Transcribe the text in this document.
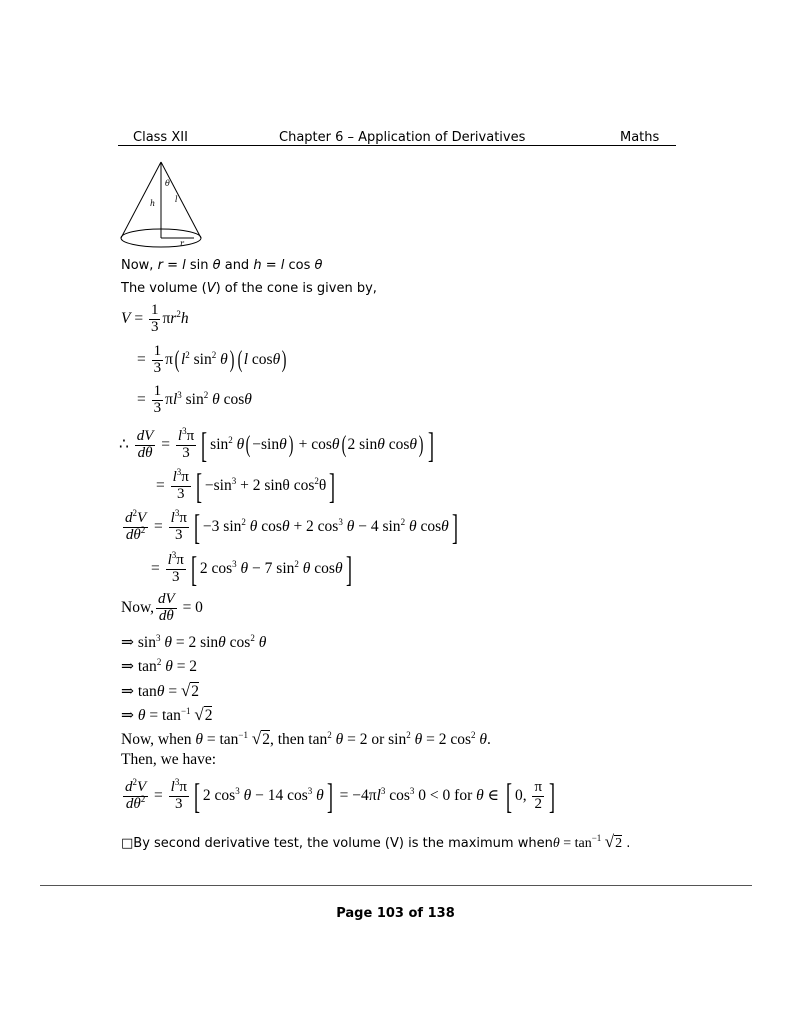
Class XII	Chapter 6 – Application of Derivatives	Maths
θ
h l
r
Now, r = l sin θ and h = l cos θ
The volume (V) of the cone is given by,
$V = \frac{1}{3} \pi r^2h$
= $\frac{1}{3} \pi$( $l^2$ $\sin^2 \theta$) ( l cosθ)
= $\frac{1}{3} \pi l^3$ $\sin^2 \theta$ cosθ
∴ $\frac{dV}{d\theta} = \frac{l^3\pi}{3}$ [ $\sin^2 \theta( -\sin\theta) + \cos\theta$( 2 sinθ cosθ) ]
= $\frac{l^3\pi}{3}$ [ $-\sin^3 + 2$ sinθ $\cos^2\theta$]
$\frac{d^2V}{d\theta^2} = \frac{l^3\pi}{3}$ [ −3 $\sin^2 \theta$ cosθ + 2 $\cos^3 \theta - 4$ $\sin^2 \theta$ cosθ]
= $\frac{l^3\pi}{3}$ [ 2 $\cos^3 \theta - 7$ $\sin^2 \theta$ cosθ]
Now, $\frac{dV}{d\theta} = 0$
⇒ $\sin^3 \theta = 2$ sinθ $\cos^2 \theta$
⇒ $\tan^2 \theta = 2$
⇒ tanθ = √2
⇒ $\theta = \tan^{-1} √2$
Now, when $\theta = \tan^{-1} √2$, then $\tan^2 \theta = 2$ or $\sin^2 \theta = 2$ $\cos^2 \theta$.
Then, we have:
$\frac{d^2V}{d\theta^2} = \frac{l^3\pi}{3}$ [ 2 $\cos^3 \theta - 14$ $\cos^3 \theta] = -4\pi l^3$ $\cos^3 0 < 0$ for θ ∈ [ 0, $\frac{\pi}{2}$ ]
□By second derivative test, the volume (V) is the maximum whenθ = $\tan^{-1} √2$ .
Page 103 of 138
